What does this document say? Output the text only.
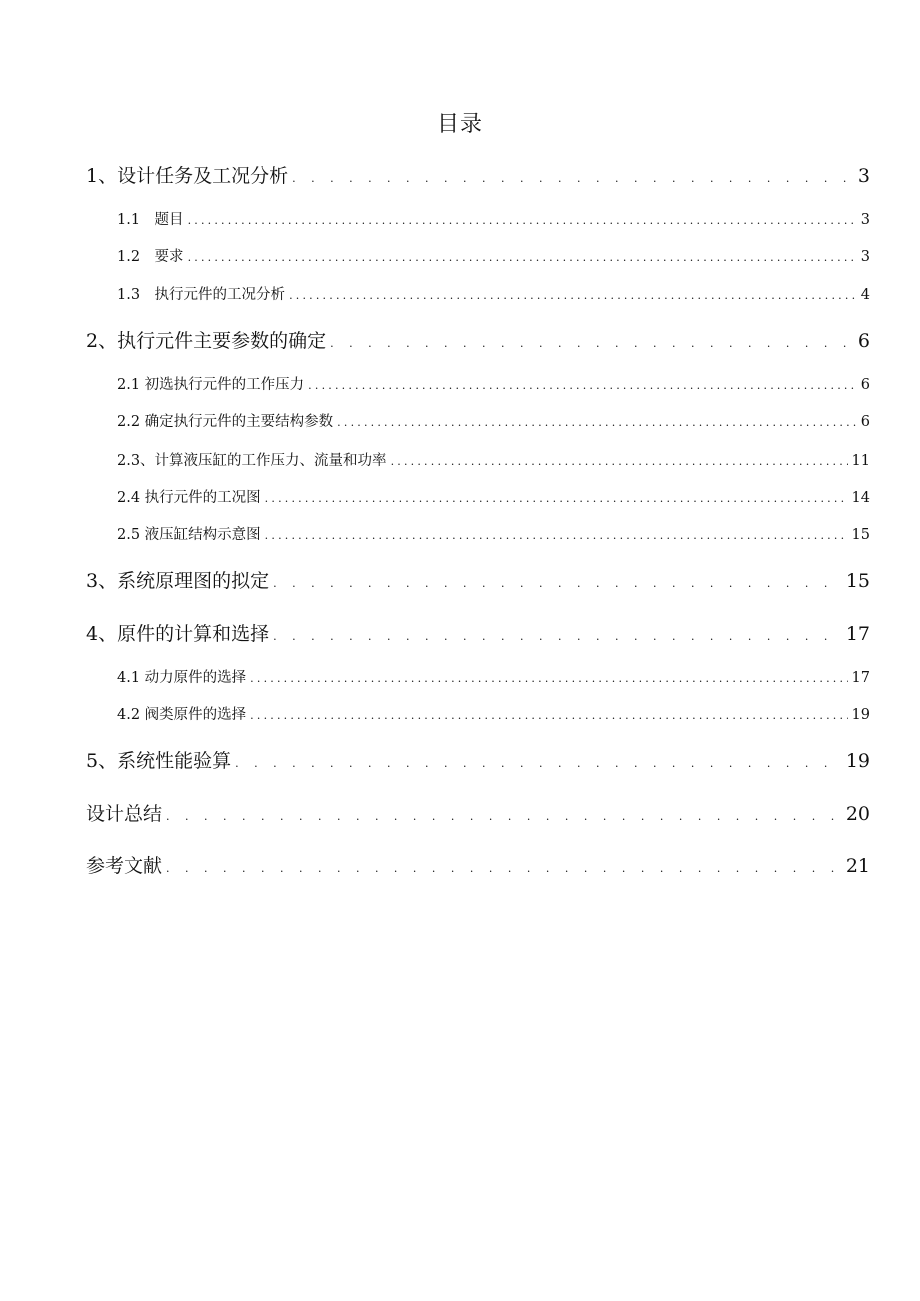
目录
1、设计任务及工况分析 . . .	3
1.1　题目 .....	3
1.2　要求 .....	3
1.3　执行元件的工况分析 .....	4
2、执行元件主要参数的确定 . . .	6
2.1 初选执行元件的工作压力 .....	6
2.2 确定执行元件的主要结构参数 .....	6
2.3、计算液压缸的工作压力、流量和功率 .....	11
2.4 执行元件的工况图 .....	14
2.5 液压缸结构示意图 .....	15
3、系统原理图的拟定 . . .	15
4、原件的计算和选择 . . .	17
4.1 动力原件的选择 .....	17
4.2 阀类原件的选择 .....	19
5、系统性能验算 . . .	19
设计总结 . . .	20
参考文献 . . .	21
